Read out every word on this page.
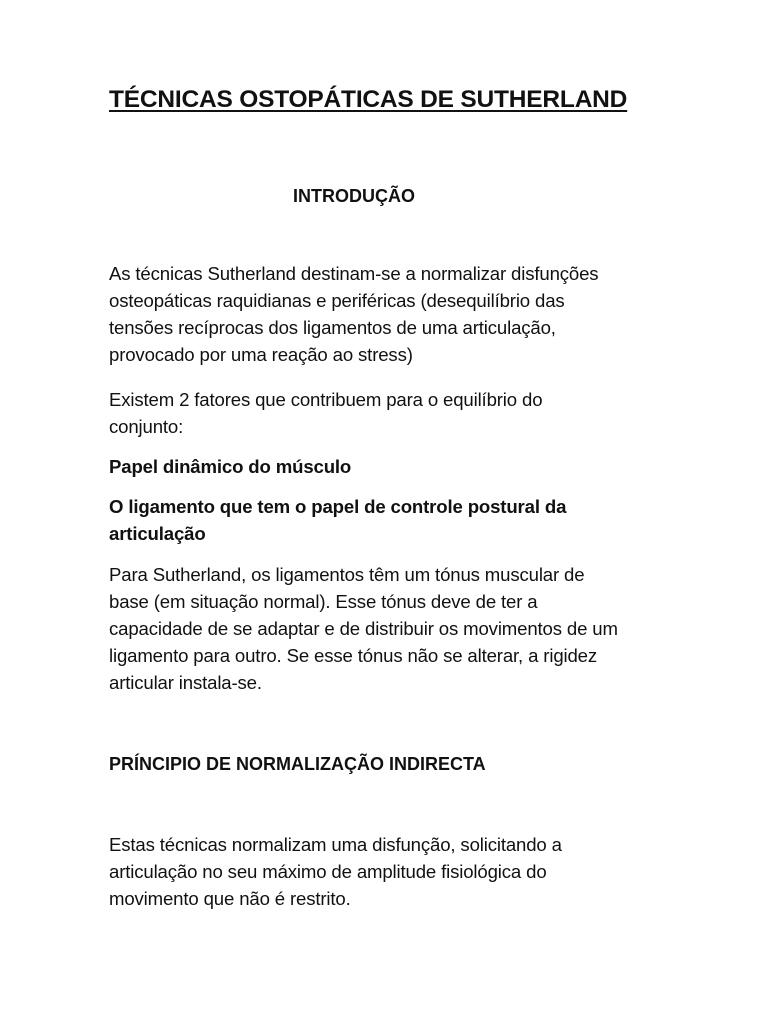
TÉCNICAS OSTOPÁTICAS DE SUTHERLAND
INTRODUÇÃO

As técnicas Sutherland destinam-se a normalizar disfunções
osteopáticas raquidianas e periféricas (desequilíbrio das
tensões recíprocas dos ligamentos de uma articulação,
provocado por uma reação ao stress)

Existem 2 fatores que contribuem para o equilíbrio do
conjunto:

Papel dinâmico do músculo

O ligamento que tem o papel de controle postural da
articulação

Para Sutherland, os ligamentos têm um tónus muscular de
base (em situação normal). Esse tónus deve de ter a
capacidade de se adaptar e de distribuir os movimentos de um
ligamento para outro. Se esse tónus não se alterar, a rigidez
articular instala-se.

PRÍNCIPIO DE NORMALIZAÇÃO INDIRECTA

Estas técnicas normalizam uma disfunção, solicitando a
articulação no seu máximo de amplitude fisiológica do
movimento que não é restrito.
